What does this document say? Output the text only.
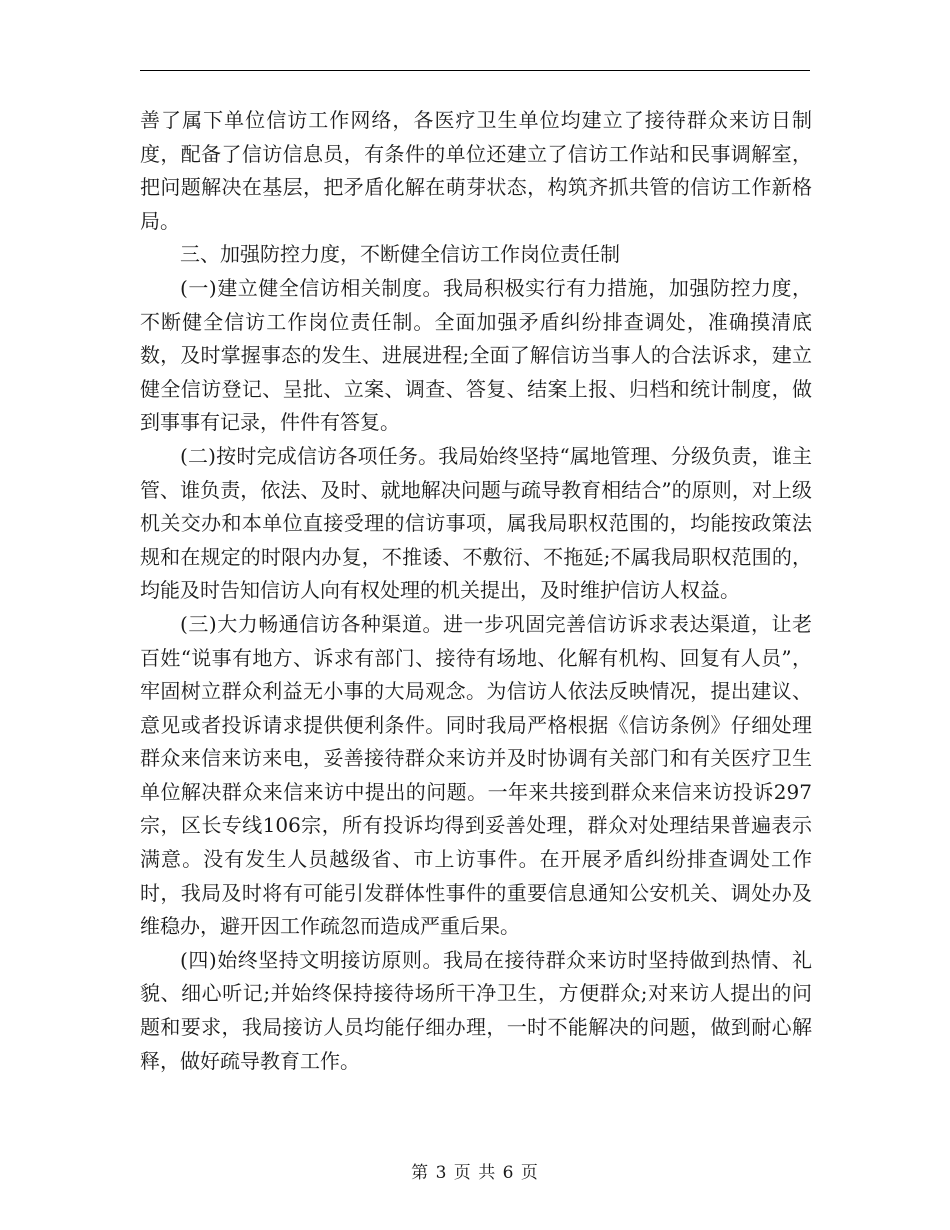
善了属下单位信访工作网络，各医疗卫生单位均建立了接待群众来访日制度，配备了信访信息员，有条件的单位还建立了信访工作站和民事调解室，把问题解决在基层，把矛盾化解在萌芽状态，构筑齐抓共管的信访工作新格局。

三、加强防控力度，不断健全信访工作岗位责任制

(一)建立健全信访相关制度。我局积极实行有力措施，加强防控力度，不断健全信访工作岗位责任制。全面加强矛盾纠纷排查调处，准确摸清底数，及时掌握事态的发生、进展进程;全面了解信访当事人的合法诉求，建立健全信访登记、呈批、立案、调查、答复、结案上报、归档和统计制度，做到事事有记录，件件有答复。

(二)按时完成信访各项任务。我局始终坚持“属地管理、分级负责，谁主管、谁负责，依法、及时、就地解决问题与疏导教育相结合”的原则，对上级机关交办和本单位直接受理的信访事项，属我局职权范围的，均能按政策法规和在规定的时限内办复，不推诿、不敷衍、不拖延;不属我局职权范围的，均能及时告知信访人向有权处理的机关提出，及时维护信访人权益。

(三)大力畅通信访各种渠道。进一步巩固完善信访诉求表达渠道，让老百姓“说事有地方、诉求有部门、接待有场地、化解有机构、回复有人员”，牢固树立群众利益无小事的大局观念。为信访人依法反映情况，提出建议、意见或者投诉请求提供便利条件。同时我局严格根据《信访条例》仔细处理群众来信来访来电，妥善接待群众来访并及时协调有关部门和有关医疗卫生单位解决群众来信来访中提出的问题。一年来共接到群众来信来访投诉297宗，区长专线106宗，所有投诉均得到妥善处理，群众对处理结果普遍表示满意。没有发生人员越级省、市上访事件。在开展矛盾纠纷排查调处工作时，我局及时将有可能引发群体性事件的重要信息通知公安机关、调处办及维稳办，避开因工作疏忽而造成严重后果。

(四)始终坚持文明接访原则。我局在接待群众来访时坚持做到热情、礼貌、细心听记;并始终保持接待场所干净卫生，方便群众;对来访人提出的问题和要求，我局接访人员均能仔细办理，一时不能解决的问题，做到耐心解释，做好疏导教育工作。

第 3 页 共 6 页
